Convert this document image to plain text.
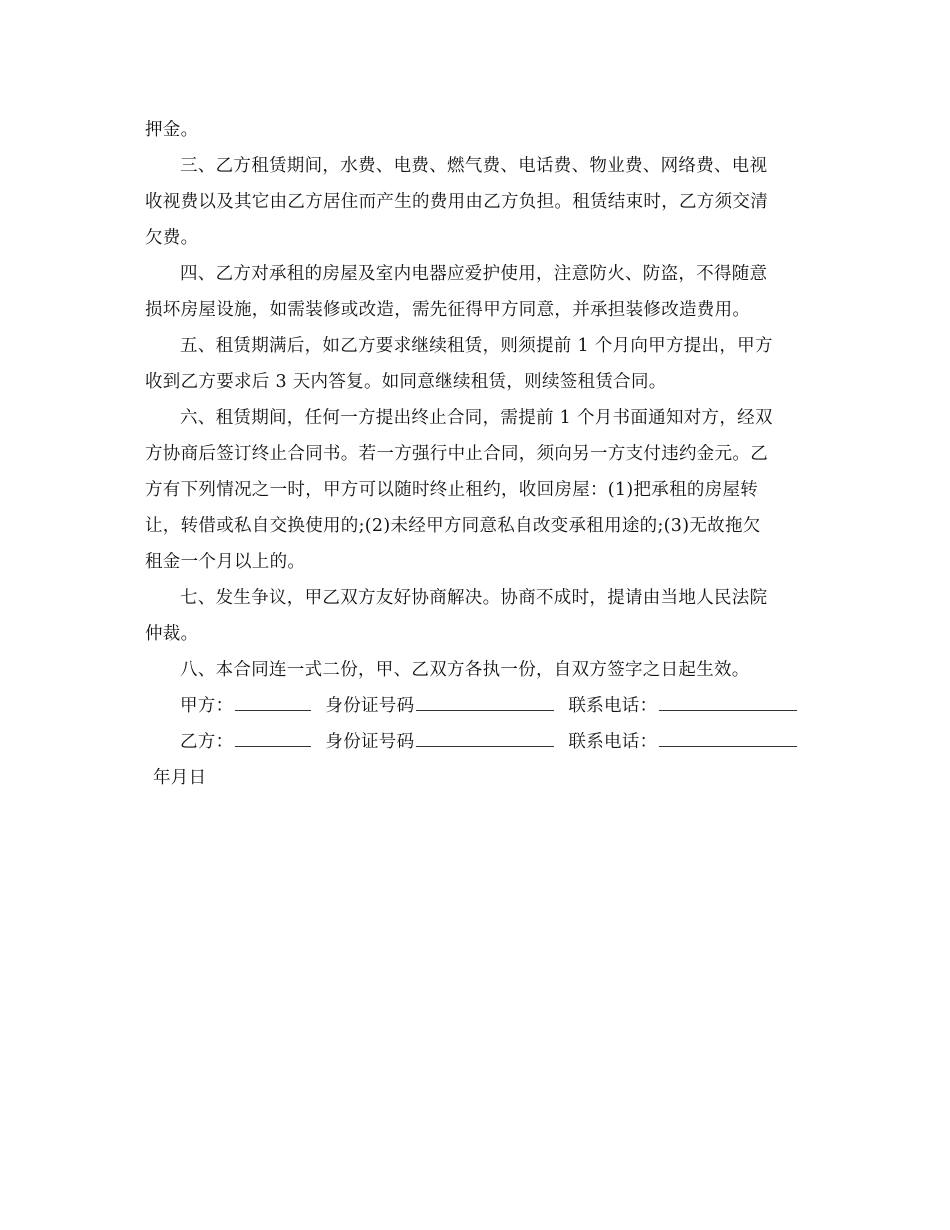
押金。

三、乙方租赁期间，水费、电费、燃气费、电话费、物业费、网络费、电视
收视费以及其它由乙方居住而产生的费用由乙方负担。租赁结束时，乙方须交清
欠费。

四、乙方对承租的房屋及室内电器应爱护使用，注意防火、防盗，不得随意
损坏房屋设施，如需装修或改造，需先征得甲方同意，并承担装修改造费用。

五、租赁期满后，如乙方要求继续租赁，则须提前 1 个月向甲方提出，甲方
收到乙方要求后 3 天内答复。如同意继续租赁，则续签租赁合同。

六、租赁期间，任何一方提出终止合同，需提前 1 个月书面通知对方，经双
方协商后签订终止合同书。若一方强行中止合同，须向另一方支付违约金元。乙
方有下列情况之一时，甲方可以随时终止租约，收回房屋：(1)把承租的房屋转
让，转借或私自交换使用的;(2)未经甲方同意私自改变承租用途的;(3)无故拖欠
租金一个月以上的。

七、发生争议，甲乙双方友好协商解决。协商不成时，提请由当地人民法院
仲裁。

八、本合同连一式二份，甲、乙双方各执一份，自双方签字之日起生效。

甲方：	身份证号码	联系电话：

乙方：	身份证号码	联系电话：

年月日
